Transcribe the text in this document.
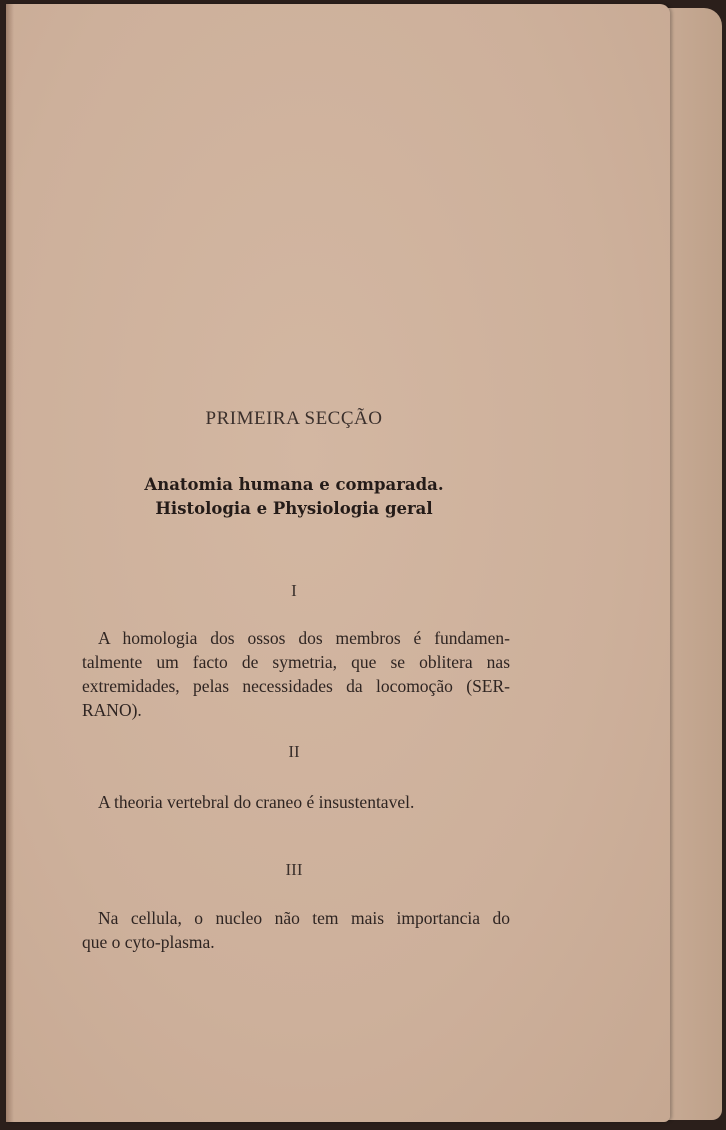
PRIMEIRA SECÇÃO
Anatomia humana e comparada.
Histologia e Physiologia geral
I
A homologia dos ossos dos membros é fundamen-
talmente um facto de symetria, que se oblitera nas
extremidades, pelas necessidades da locomoção (SER-
RANO).
II
A theoria vertebral do craneo é insustentavel.
III
Na cellula, o nucleo não tem mais importancia do
que o cyto-plasma.
